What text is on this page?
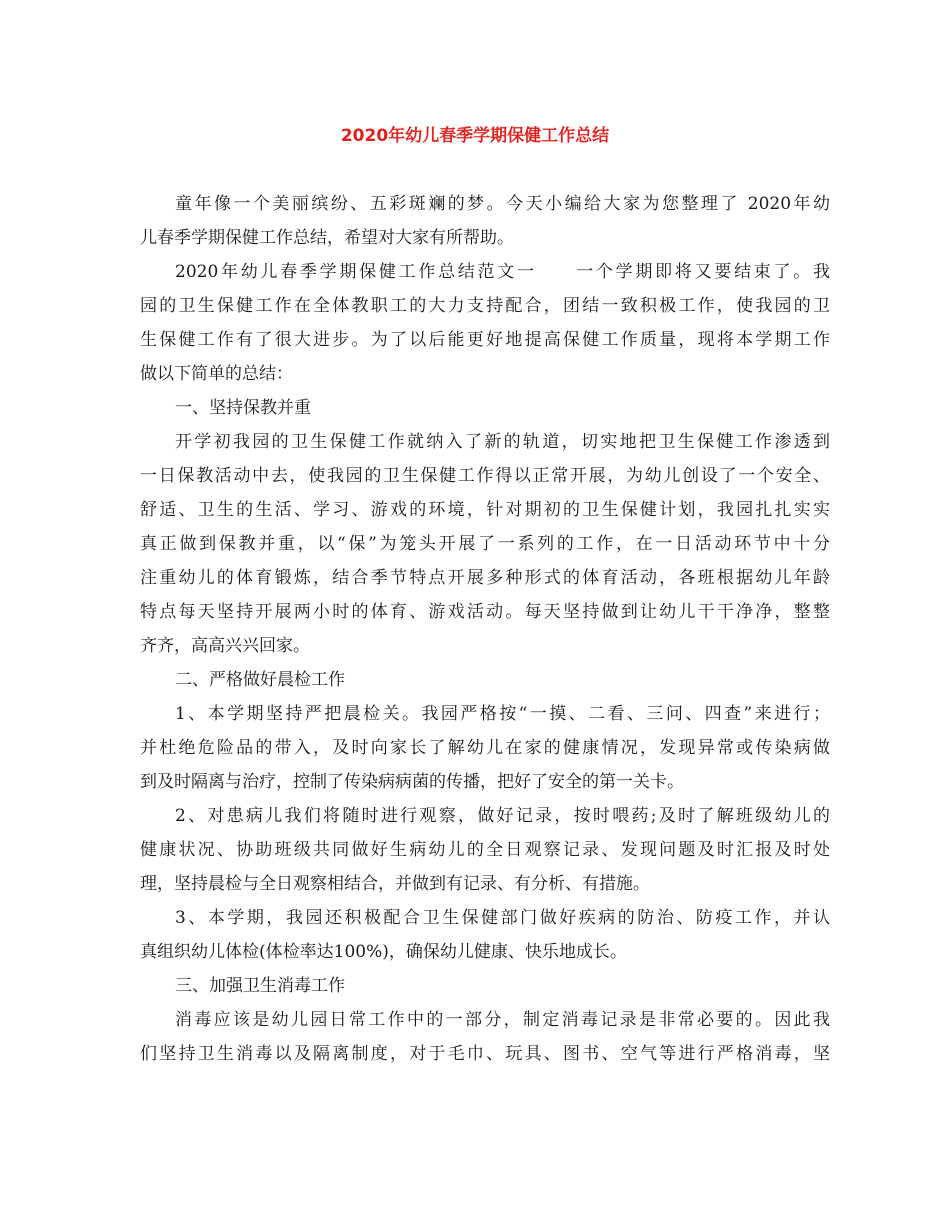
2020年幼儿春季学期保健工作总结

童年像一个美丽缤纷、五彩斑斓的梦。今天小编给大家为您整理了 2020年幼

儿春季学期保健工作总结，希望对大家有所帮助。

2020年幼儿春季学期保健工作总结范文一　　一个学期即将又要结束了。我

园的卫生保健工作在全体教职工的大力支持配合，团结一致积极工作，使我园的卫

生保健工作有了很大进步。为了以后能更好地提高保健工作质量，现将本学期工作

做以下简单的总结：

一、坚持保教并重

开学初我园的卫生保健工作就纳入了新的轨道，切实地把卫生保健工作渗透到

一日保教活动中去，使我园的卫生保健工作得以正常开展，为幼儿创设了一个安全、

舒适、卫生的生活、学习、游戏的环境，针对期初的卫生保健计划，我园扎扎实实

真正做到保教并重，以“保”为笼头开展了一系列的工作，在一日活动环节中十分

注重幼儿的体育锻炼，结合季节特点开展多种形式的体育活动，各班根据幼儿年龄

特点每天坚持开展两小时的体育、游戏活动。每天坚持做到让幼儿干干净净，整整

齐齐，高高兴兴回家。

二、严格做好晨检工作

1、本学期坚持严把晨检关。我园严格按“一摸、二看、三问、四查”来进行；

并杜绝危险品的带入，及时向家长了解幼儿在家的健康情况，发现异常或传染病做

到及时隔离与治疗，控制了传染病病菌的传播，把好了安全的第一关卡。

2、对患病儿我们将随时进行观察，做好记录，按时喂药;及时了解班级幼儿的

健康状况、协助班级共同做好生病幼儿的全日观察记录、发现问题及时汇报及时处

理，坚持晨检与全日观察相结合，并做到有记录、有分析、有措施。

3、本学期，我园还积极配合卫生保健部门做好疾病的防治、防疫工作，并认

真组织幼儿体检(体检率达100%)，确保幼儿健康、快乐地成长。

三、加强卫生消毒工作

消毒应该是幼儿园日常工作中的一部分，制定消毒记录是非常必要的。因此我

们坚持卫生消毒以及隔离制度，对于毛巾、玩具、图书、空气等进行严格消毒，坚
